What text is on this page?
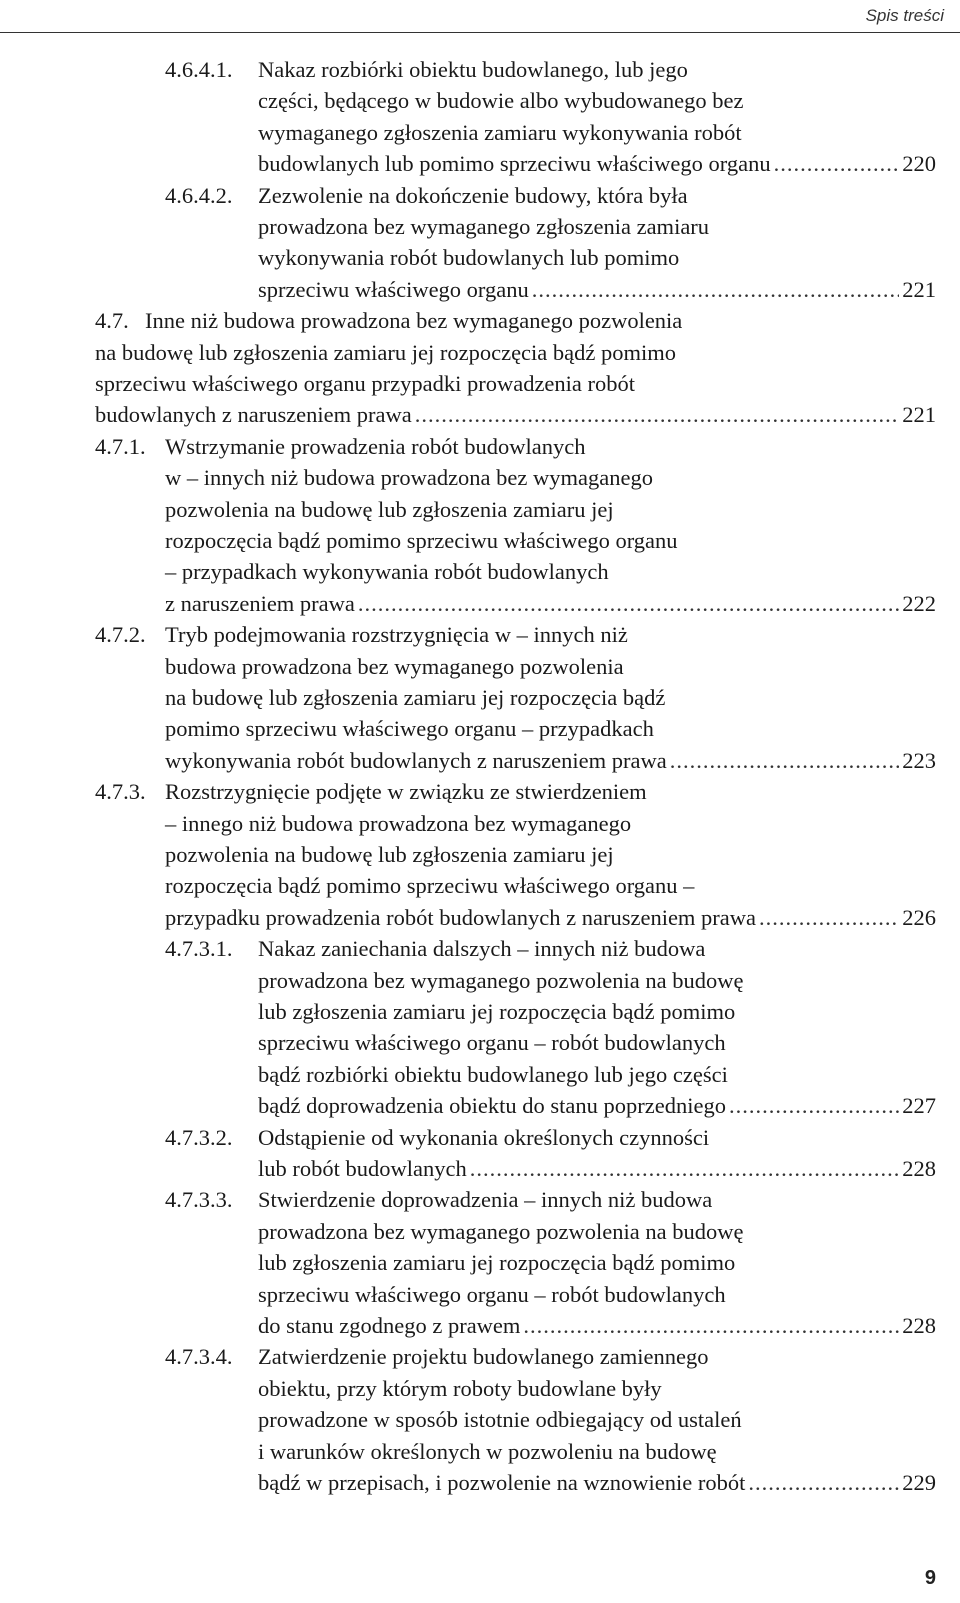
Spis treści
4.6.4.1.	Nakaz rozbiórki obiektu budowlanego, lub jego
części, będącego w budowie albo wybudowanego bez
wymaganego zgłoszenia zamiaru wykonywania robót
budowlanych lub pomimo sprzeciwu właściwego organu .....	220
4.6.4.2.	Zezwolenie na dokończenie budowy, która była
prowadzona bez wymaganego zgłoszenia zamiaru
wykonywania robót budowlanych lub pomimo
sprzeciwu właściwego organu .....	221
4.7. Inne niż budowa prowadzona bez wymaganego pozwolenia
na budowę lub zgłoszenia zamiaru jej rozpoczęcia bądź pomimo
sprzeciwu właściwego organu przypadki prowadzenia robót
budowlanych z naruszeniem prawa .....	221
4.7.1. Wstrzymanie prowadzenia robót budowlanych
w – innych niż budowa prowadzona bez wymaganego
pozwolenia na budowę lub zgłoszenia zamiaru jej
rozpoczęcia bądź pomimo sprzeciwu właściwego organu
– przypadkach wykonywania robót budowlanych
z naruszeniem prawa .....	222
4.7.2. Tryb podejmowania rozstrzygnięcia w – innych niż
budowa prowadzona bez wymaganego pozwolenia
na budowę lub zgłoszenia zamiaru jej rozpoczęcia bądź
pomimo sprzeciwu właściwego organu – przypadkach
wykonywania robót budowlanych z naruszeniem prawa .....	223
4.7.3. Rozstrzygnięcie podjęte w związku ze stwierdzeniem
– innego niż budowa prowadzona bez wymaganego
pozwolenia na budowę lub zgłoszenia zamiaru jej
rozpoczęcia bądź pomimo sprzeciwu właściwego organu –
przypadku prowadzenia robót budowlanych z naruszeniem prawa .....	226
4.7.3.1.	Nakaz zaniechania dalszych – innych niż budowa
prowadzona bez wymaganego pozwolenia na budowę
lub zgłoszenia zamiaru jej rozpoczęcia bądź pomimo
sprzeciwu właściwego organu – robót budowlanych
bądź rozbiórki obiektu budowlanego lub jego części
bądź doprowadzenia obiektu do stanu poprzedniego .....	227
4.7.3.2.	Odstąpienie od wykonania określonych czynności
lub robót budowlanych .....	228
4.7.3.3.	Stwierdzenie doprowadzenia – innych niż budowa
prowadzona bez wymaganego pozwolenia na budowę
lub zgłoszenia zamiaru jej rozpoczęcia bądź pomimo
sprzeciwu właściwego organu – robót budowlanych
do stanu zgodnego z prawem .....	228
4.7.3.4.	Zatwierdzenie projektu budowlanego zamiennego
obiektu, przy którym roboty budowlane były
prowadzone w sposób istotnie odbiegający od ustaleń
i warunków określonych w pozwoleniu na budowę
bądź w przepisach, i pozwolenie na wznowienie robót .....	229
9
